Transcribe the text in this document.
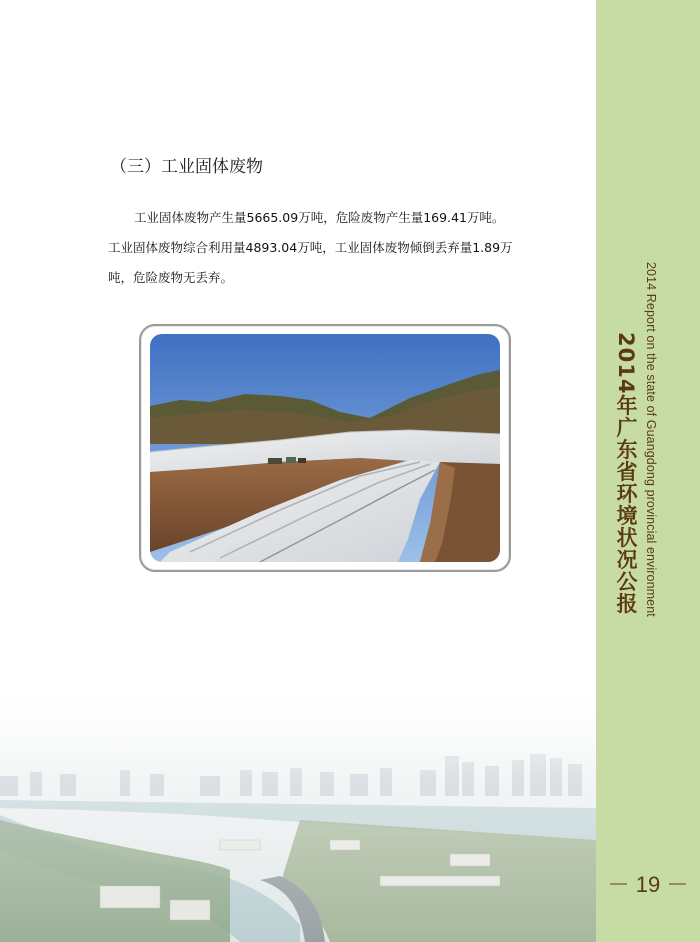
（三）工业固体废物
工业固体废物产生量5665.09万吨，危险废物产生量169.41万吨。
工业固体废物综合利用量4893.04万吨，工业固体废物倾倒丢弃量1.89万
吨，危险废物无丢弃。	2014 Report on the state of Guangdong provincial environment
2014年广东省环境状况公报
－ 19 －
